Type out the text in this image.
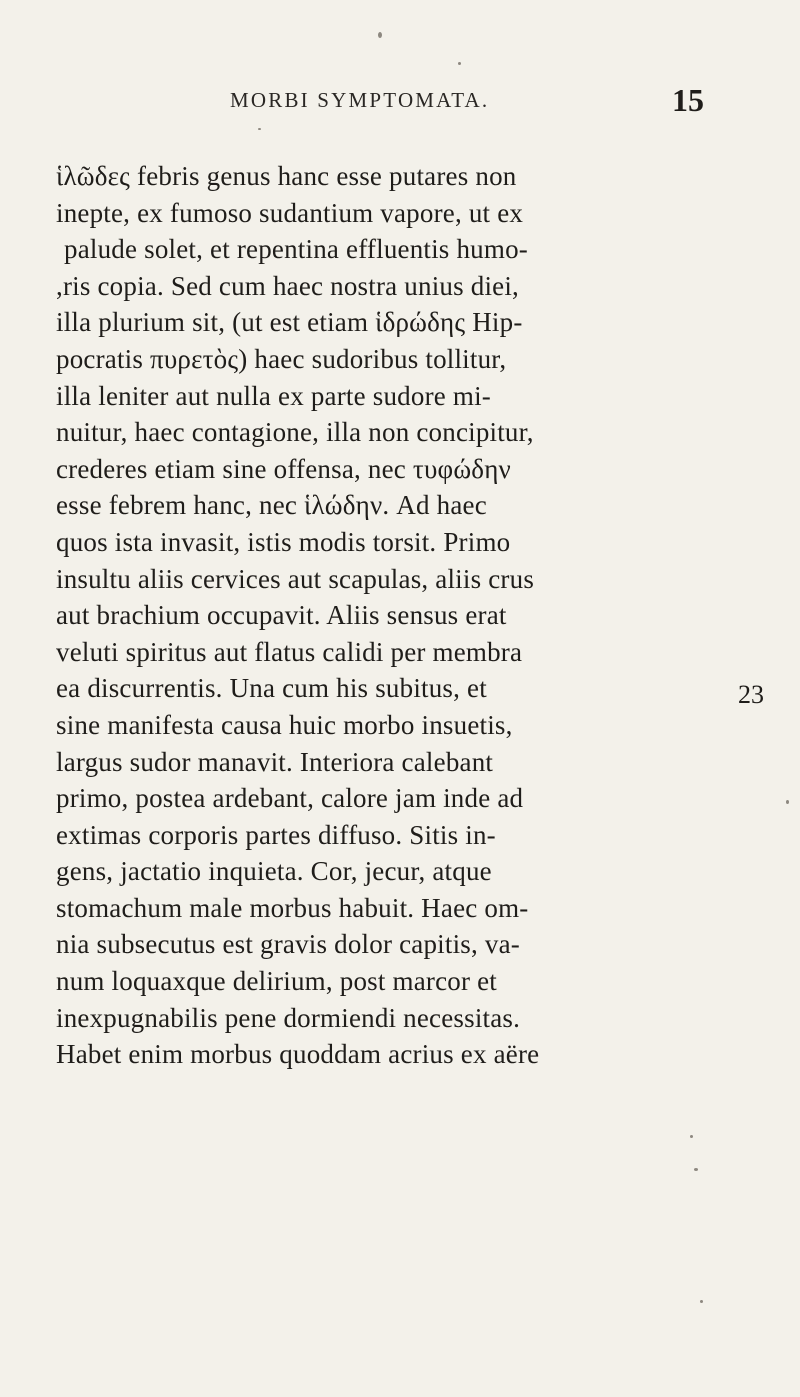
MORBI SYMPTOMATA.	15
ἱλῶδες febris genus hanc esse putares non
inepte, ex fumoso sudantium vapore, ut ex
palude solet, et repentina effluentis humo-
,ris copia. Sed cum haec nostra unius diei,
illa plurium sit, (ut est etiam ἱδρώδης Hip-
pocratis πυρετὸς) haec sudoribus tollitur,
illa leniter aut nulla ex parte sudore mi-
nuitur, haec contagione, illa non concipitur,
crederes etiam sine offensa, nec τυφώδην
esse febrem hanc, nec ἱλώδην. Ad haec
quos ista invasit, istis modis torsit. Primo
insultu aliis cervices aut scapulas, aliis crus
aut brachium occupavit. Aliis sensus erat
veluti spiritus aut flatus calidi per membra
ea discurrentis. Una cum his subitus, et
sine manifesta causa huic morbo insuetis,
largus sudor manavit. Interiora calebant
primo, postea ardebant, calore jam inde ad
extimas corporis partes diffuso. Sitis in-
gens, jactatio inquieta. Cor, jecur, atque
stomachum male morbus habuit. Haec om-
nia subsecutus est gravis dolor capitis, va-
num loquaxque delirium, post marcor et
inexpugnabilis pene dormiendi necessitas.
Habet enim morbus quoddam acrius ex aëre
23
